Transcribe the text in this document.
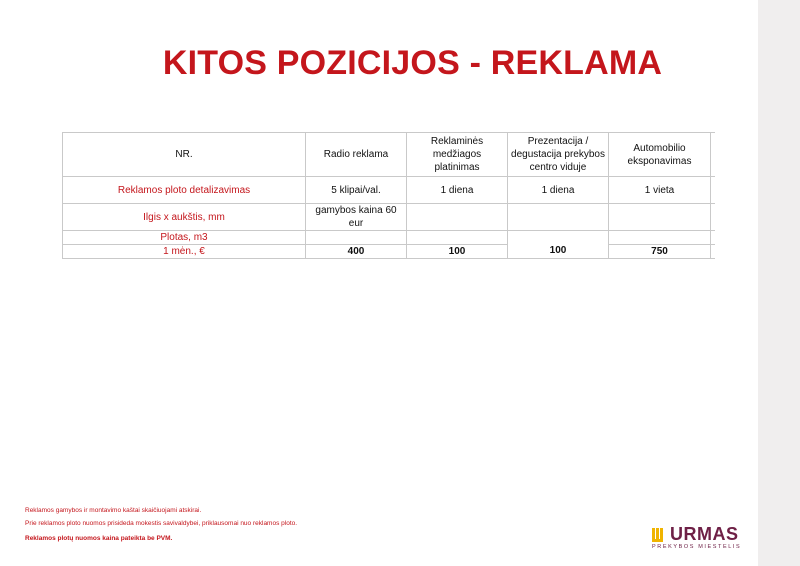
KITOS POZICIJOS - REKLAMA
NR.	Radio reklama	Reklaminės medžiagos platinimas	Prezentacija / degustacija prekybos centro viduje	Automobilio eksponavimas	
Reklamos ploto detalizavimas	5 klipai/val.	1 diena	1 diena	1 vieta	
Ilgis x aukštis, mm	gamybos kaina 60 eur				
Plotas, m3			100		
1 mėn., €	400	100		750	
Reklamos gamybos ir montavimo kaštai skaičiuojami atskirai.
Prie reklamos ploto nuomos prisideda mokestis savivaldybei, priklausomai nuo reklamos ploto.
Reklamos plotų nuomos kaina pateikta be PVM.	URMAS
PREKYBOS MIESTELIS
